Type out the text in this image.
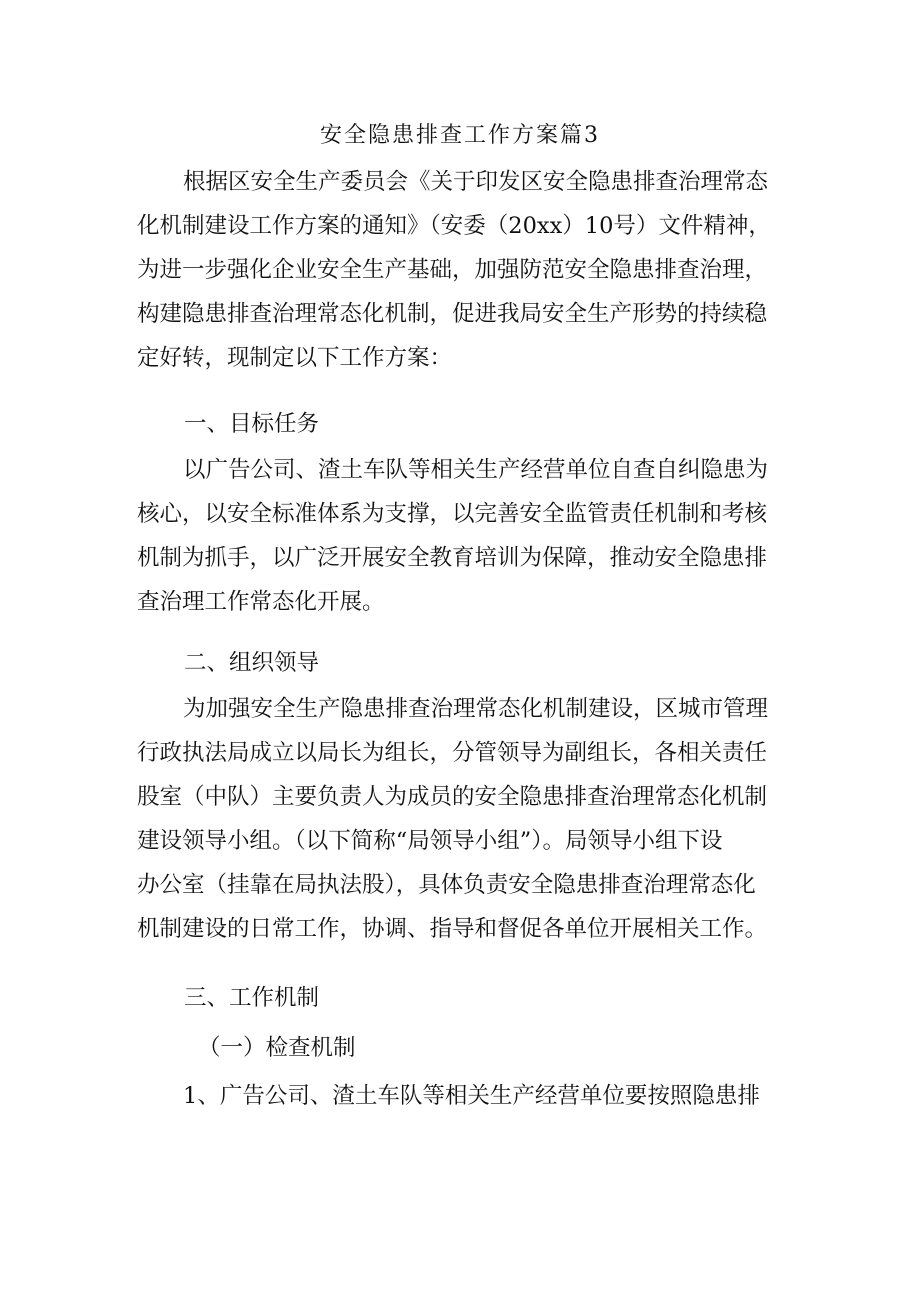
安全隐患排查工作方案篇3
根据区安全生产委员会《关于印发区安全隐患排查治理常态
化机制建设工作方案的通知》（安委（20xx）10号）文件精神，
为进一步强化企业安全生产基础，加强防范安全隐患排查治理，
构建隐患排查治理常态化机制，促进我局安全生产形势的持续稳
定好转，现制定以下工作方案：
一、目标任务
以广告公司、渣土车队等相关生产经营单位自查自纠隐患为
核心，以安全标准体系为支撑，以完善安全监管责任机制和考核
机制为抓手，以广泛开展安全教育培训为保障，推动安全隐患排
查治理工作常态化开展。
二、组织领导
为加强安全生产隐患排查治理常态化机制建设，区城市管理
行政执法局成立以局长为组长，分管领导为副组长，各相关责任
股室（中队）主要负责人为成员的安全隐患排查治理常态化机制
建设领导小组。（以下简称“局领导小组”）。局领导小组下设
办公室（挂靠在局执法股），具体负责安全隐患排查治理常态化
机制建设的日常工作，协调、指导和督促各单位开展相关工作。
三、工作机制
（一）检查机制
1、广告公司、渣土车队等相关生产经营单位要按照隐患排
